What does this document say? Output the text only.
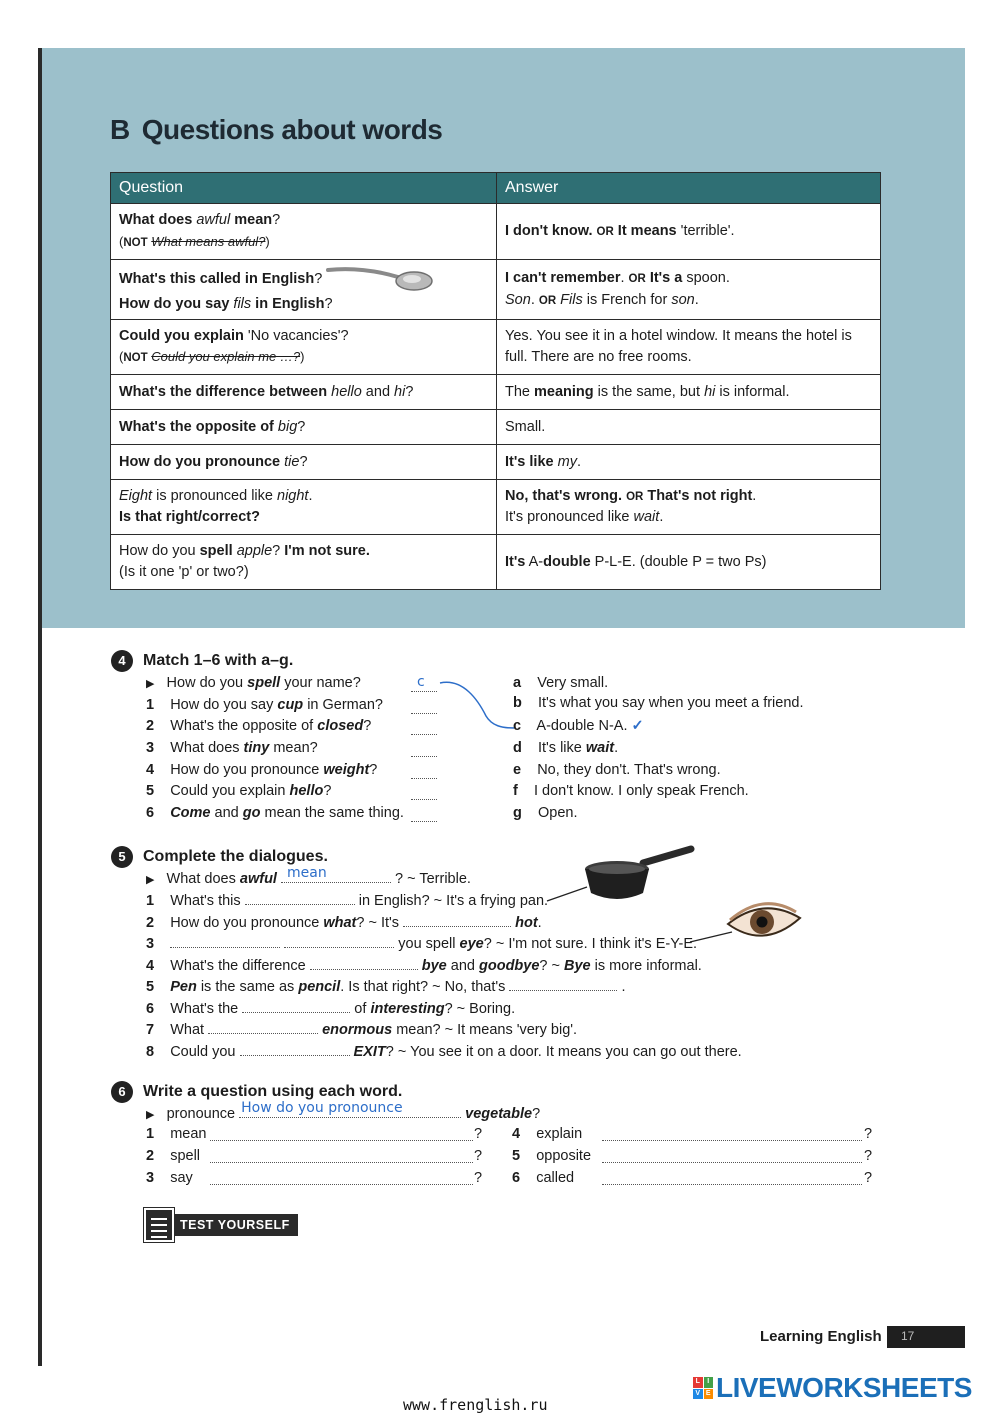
B Questions about words
Question	Answer
What does awful mean?
(NOT What means awful?)	I don't know. OR It means 'terrible'.
What's this called in English?
How do you say fils in English?	I can't remember. OR It's a spoon.
Son. OR Fils is French for son.
Could you explain 'No vacancies'?
(NOT Could you explain me …?)	Yes. You see it in a hotel window. It means the hotel is full. There are no free rooms.
What's the difference between hello and hi?	The meaning is the same, but hi is informal.
What's the opposite of big?	Small.
How do you pronounce tie?	It's like my.
Eight is pronounced like night.
Is that right/correct?	No, that's wrong. OR That's not right.
It's pronounced like wait.
How do you spell apple? I'm not sure.
(Is it one 'p' or two?)	It's A-double P-L-E. (double P = two Ps)
4	Match 1–6 with a–g.
▶   How do you spell your name?
1    How do you say cup in German?
2    What's the opposite of closed?
3    What does tiny mean?
4    How do you pronounce weight?
5    Could you explain hello?
6 Come and go mean the same thing.
c	a Very small.
b It's what you say when you meet a friend.
c A-double N-A. ✓
d It's like wait.
e No, they don't. That's wrong.
f I don't know. I only speak French.
g Open.
5	Complete the dialogues.
▶   What does awful mean	? ~ Terrible.
1    What's this	in English? ~ It's a frying pan.
2    How do you pronounce what? ~ It's	hot.
3	you spell eye? ~ I'm not sure. I think it's E-Y-E.
4    What's the difference	bye and goodbye? ~ Bye is more informal.
5 Pen is the same as pencil. Is that right? ~ No, that's	.
6    What's the	of interesting? ~ Boring.
7    What	enormous mean? ~ It means 'very big'.
8    Could you	EXIT? ~ You see it on a door. It means you can go out there.
6	Write a question using each word.
▶ pronounce How do you pronounce	vegetable?
1 mean
2 spell
3 say
?
?
?
4 explain
5 opposite
6 called
?
?
?
TEST YOURSELF
Learning English	17
www.frenglish.ru
L	I
V E LIVEWORKSHEETS
